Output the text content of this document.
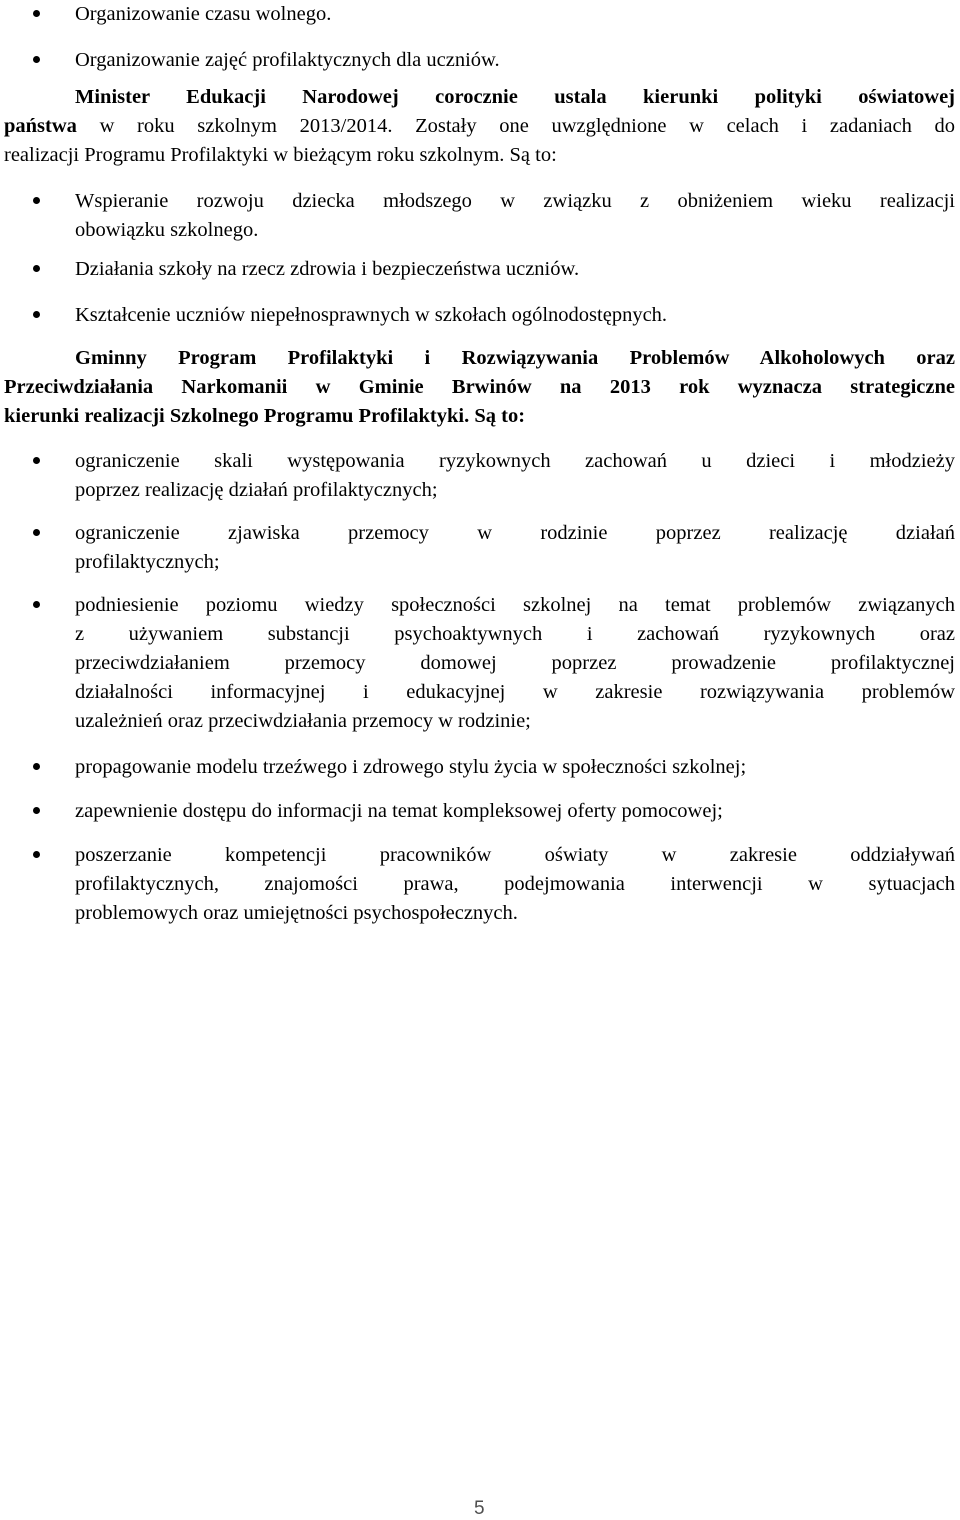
Organizowanie czasu wolnego.
Organizowanie zajęć profilaktycznych dla uczniów.
Minister Edukacji Narodowej corocznie ustala kierunki polityki oświatowej
państwa w roku szkolnym 2013/2014. Zostały one uwzględnione w celach i zadaniach do
realizacji Programu Profilaktyki w bieżącym roku szkolnym. Są to:
Wspieranie rozwoju dziecka młodszego w związku z obniżeniem wieku realizacji
obowiązku szkolnego.
Działania szkoły na rzecz zdrowia i bezpieczeństwa uczniów.
Kształcenie uczniów niepełnosprawnych w szkołach ogólnodostępnych.
Gminny Program Profilaktyki i Rozwiązywania Problemów Alkoholowych oraz
Przeciwdziałania Narkomanii w Gminie Brwinów na 2013 rok wyznacza strategiczne
kierunki realizacji Szkolnego Programu Profilaktyki. Są to:
ograniczenie skali występowania ryzykownych zachowań u dzieci i młodzieży
poprzez realizację działań profilaktycznych;
ograniczenie zjawiska przemocy w rodzinie poprzez realizację działań
profilaktycznych;
podniesienie poziomu wiedzy społeczności szkolnej na temat problemów związanych
z używaniem substancji psychoaktywnych i zachowań ryzykownych oraz
przeciwdziałaniem przemocy domowej poprzez prowadzenie profilaktycznej
działalności informacyjnej i edukacyjnej w zakresie rozwiązywania problemów
uzależnień oraz przeciwdziałania przemocy w rodzinie;
propagowanie modelu trzeźwego i zdrowego stylu życia w społeczności szkolnej;
zapewnienie dostępu do informacji na temat kompleksowej oferty pomocowej;
poszerzanie kompetencji pracowników oświaty w zakresie oddziaływań
profilaktycznych, znajomości prawa, podejmowania interwencji w sytuacjach
problemowych oraz umiejętności psychospołecznych.
5
